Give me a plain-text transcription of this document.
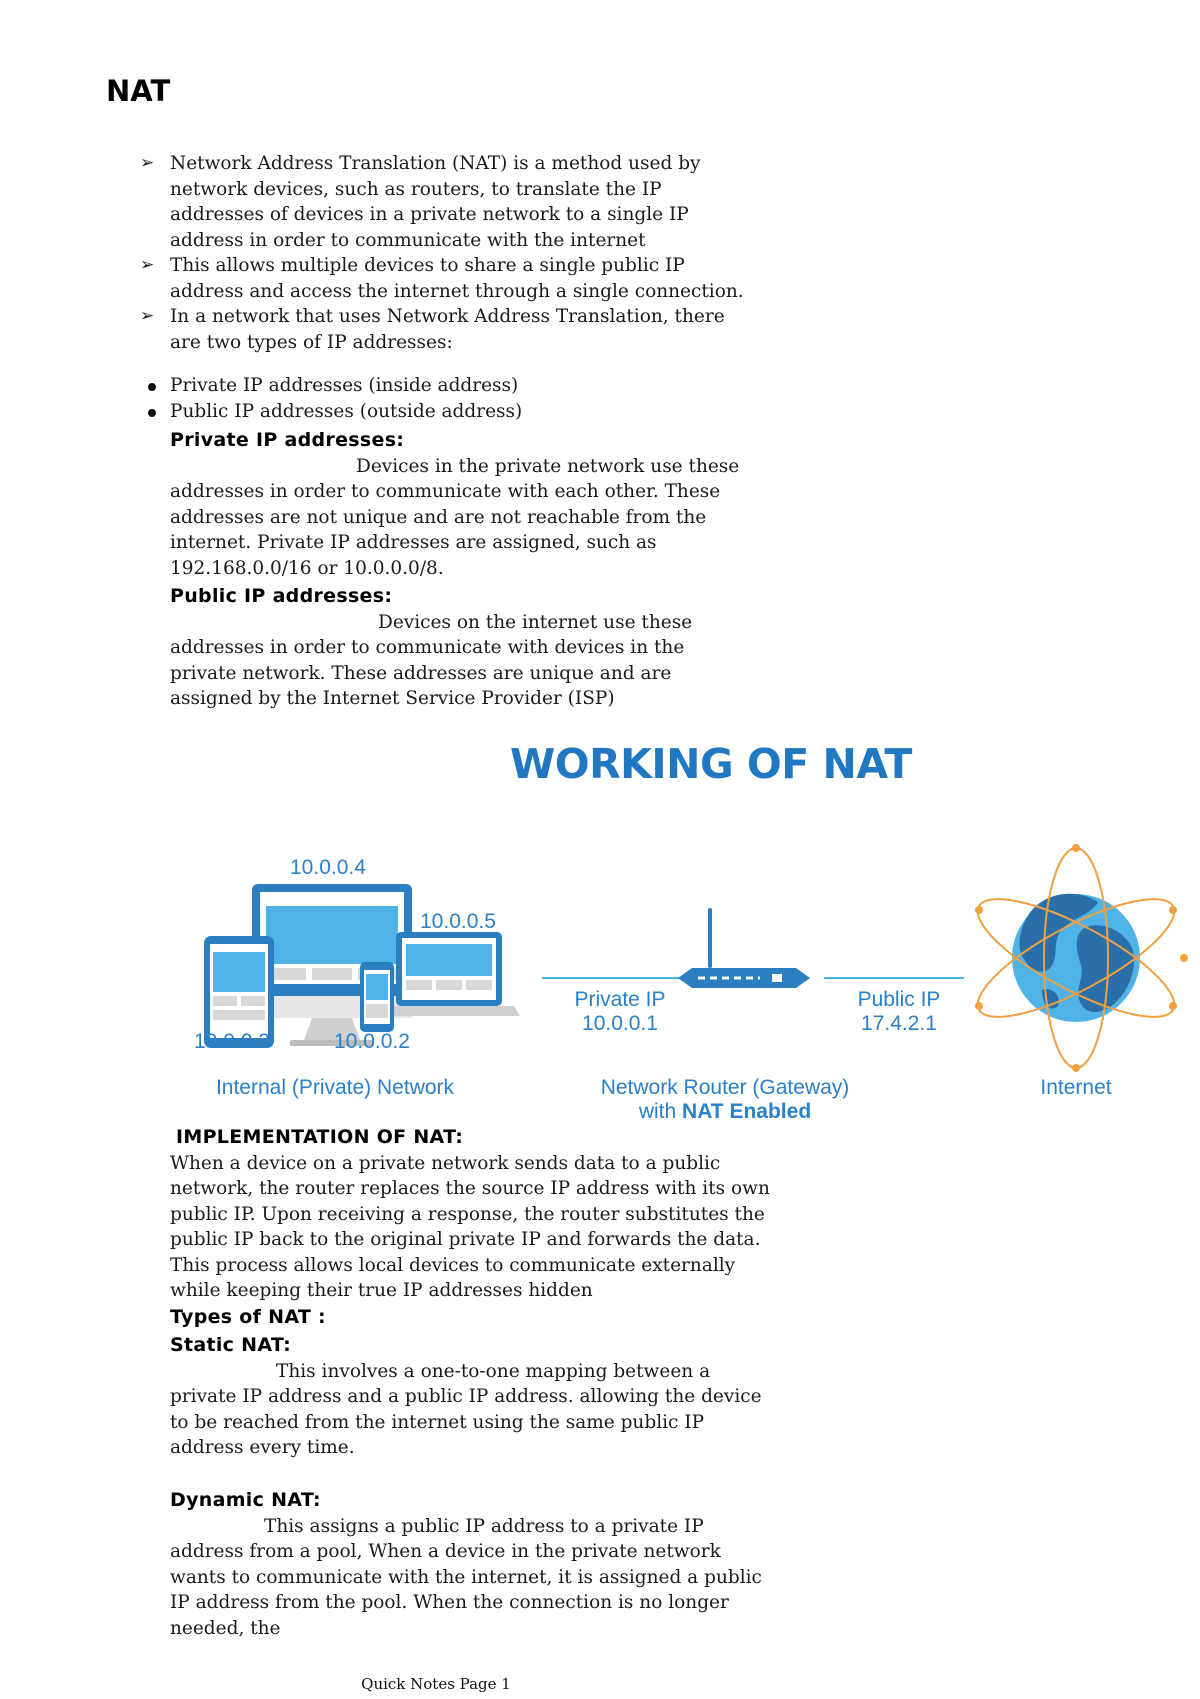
NAT
➢ Network Address Translation (NAT) is a method used by network devices, such as routers, to translate the IP addresses of devices in a private network to a single IP address in order to communicate with the internet
➢ This allows multiple devices to share a single public IP address and access the internet through a single connection.
➢ In a network that uses Network Address Translation, there are two types of IP addresses:
Private IP addresses (inside address)
Public IP addresses (outside address)
Private IP addresses:

Devices in the private network use these addresses in order to communicate with each other. These addresses are not unique and are not reachable from the internet. Private IP addresses are assigned, such as 192.168.0.0/16 or 10.0.0.0/8.

Public IP addresses:

Devices on the internet use these addresses in order to communicate with devices in the private network. These addresses are unique and are assigned by the Internet Service Provider (ISP)

WORKING OF NAT
10.0.0.4
10.0.0.5
10.0.0.3	10.0.0.2
Private IP
10.0.0.1
Public IP
17.4.2.1
Internal (Private) Network	Network Router (Gateway)
with NAT Enabled
Internet
IMPLEMENTATION OF NAT:

When a device on a private network sends data to a public network, the router replaces the source IP address with its own public IP. Upon receiving a response, the router substitutes the public IP back to the original private IP and forwards the data. This process allows local devices to communicate externally while keeping their true IP addresses hidden

Types of NAT :
Static NAT:

This involves a one-to-one mapping between a private IP address and a public IP address. allowing the device to be reached from the internet using the same public IP address every time.

Dynamic NAT:

This assigns a public IP address to a private IP address from a pool, When a device in the private network wants to communicate with the internet, it is assigned a public IP address from the pool. When the connection is no longer needed, the

Quick Notes Page 1
